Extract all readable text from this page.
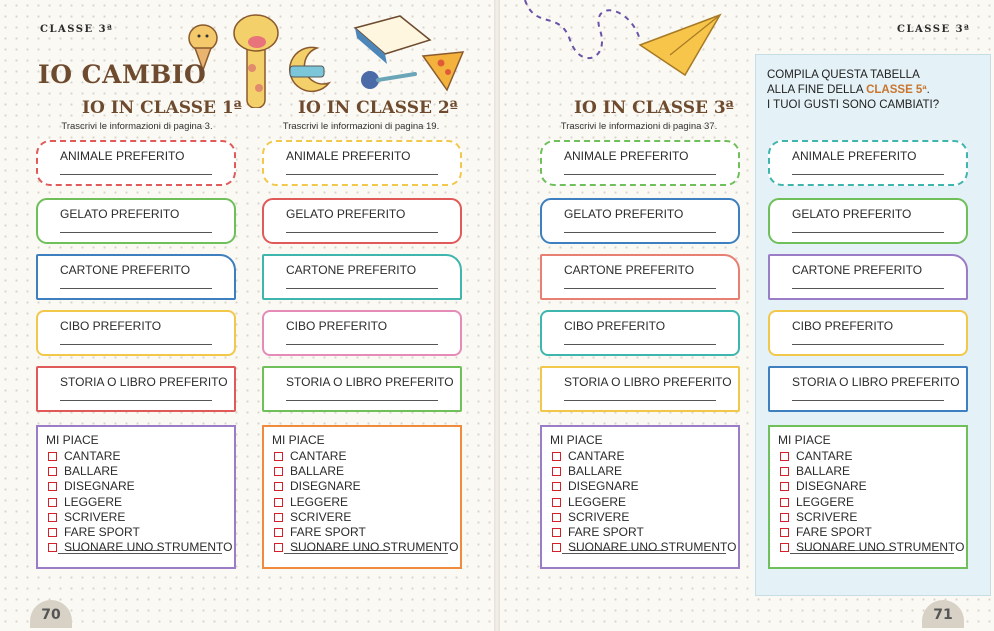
CLASSE 3ª	CLASSE 3ª
IO CAMBIO
IO IN CLASSE 1ª
Trascrivi le informazioni di pagina 3.
IO IN CLASSE 2ª
Trascrivi le informazioni di pagina 19.
IO IN CLASSE 3ª
Trascrivi le informazioni di pagina 37.
COMPILA QUESTA TABELLA
ALLA FINE DELLA CLASSE 5ª.
I TUOI GUSTI SONO CAMBIATI?
ANIMALE PREFERITO
GELATO PREFERITO
CARTONE PREFERITO
CIBO PREFERITO
STORIA O LIBRO PREFERITO
MI PIACE
CANTARE
BALLARE
DISEGNARE
LEGGERE
SCRIVERE
FARE SPORT
SUONARE UNO STRUMENTO
ANIMALE PREFERITO
GELATO PREFERITO
CARTONE PREFERITO
CIBO PREFERITO
STORIA O LIBRO PREFERITO
MI PIACE
CANTARE
BALLARE
DISEGNARE
LEGGERE
SCRIVERE
FARE SPORT
SUONARE UNO STRUMENTO
ANIMALE PREFERITO
GELATO PREFERITO
CARTONE PREFERITO
CIBO PREFERITO
STORIA O LIBRO PREFERITO
MI PIACE
CANTARE
BALLARE
DISEGNARE
LEGGERE
SCRIVERE
FARE SPORT
SUONARE UNO STRUMENTO
ANIMALE PREFERITO
GELATO PREFERITO
CARTONE PREFERITO
CIBO PREFERITO
STORIA O LIBRO PREFERITO
MI PIACE
CANTARE
BALLARE
DISEGNARE
LEGGERE
SCRIVERE
FARE SPORT
SUONARE UNO STRUMENTO
70	71
